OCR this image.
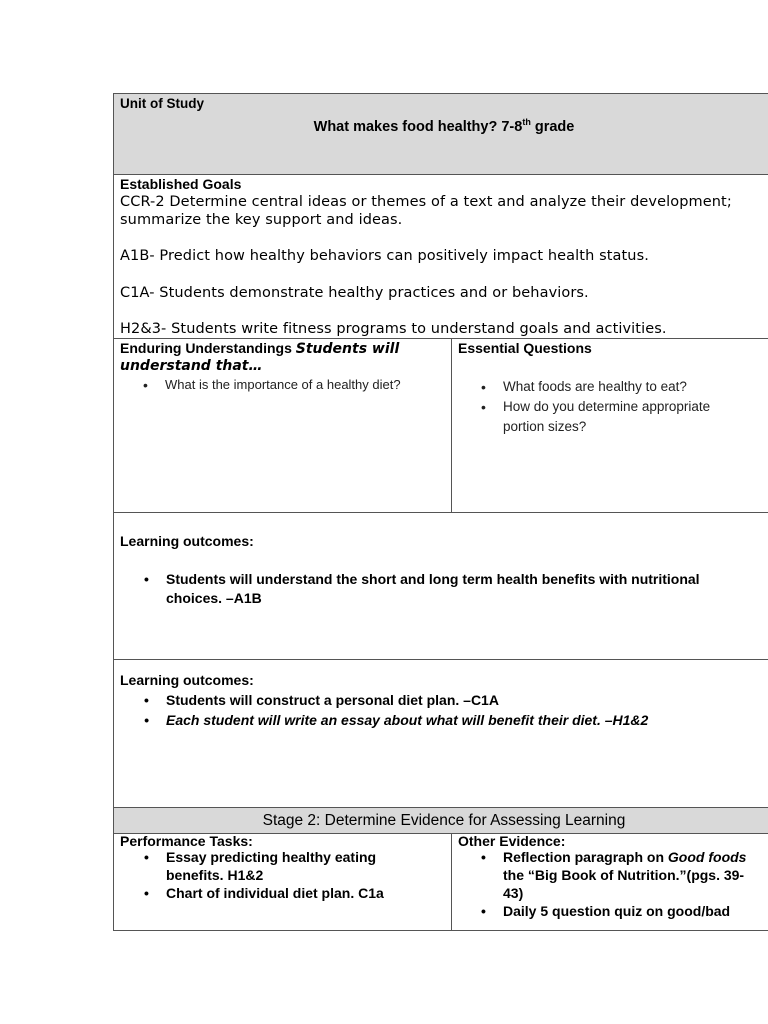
Unit of Study
What makes food healthy? 7-8th grade
Established Goals
CCR-2 Determine central ideas or themes of a text and analyze their development;
summarize the key support and ideas.
A1B- Predict how healthy behaviors can positively impact health status.
C1A- Students demonstrate healthy practices and or behaviors.
H2&3- Students write fitness programs to understand goals and activities.
Enduring Understandings Students will
understand that…
• What is the importance of a healthy diet?
Essential Questions
• What foods are healthy to eat?
• How do you determine appropriate
portion sizes?
Learning outcomes:
• Students will understand the short and long term health benefits with nutritional
choices. –A1B
Learning outcomes:
• Students will construct a personal diet plan. –C1A
• Each student will write an essay about what will benefit their diet. –H1&2
Stage 2: Determine Evidence for Assessing Learning
Performance Tasks:
• Essay predicting healthy eating
benefits. H1&2
• Chart of individual diet plan. C1a
Other Evidence:
• Reflection paragraph on Good foods
the “Big Book of Nutrition.”(pgs. 39-
43)
• Daily 5 question quiz on good/bad
